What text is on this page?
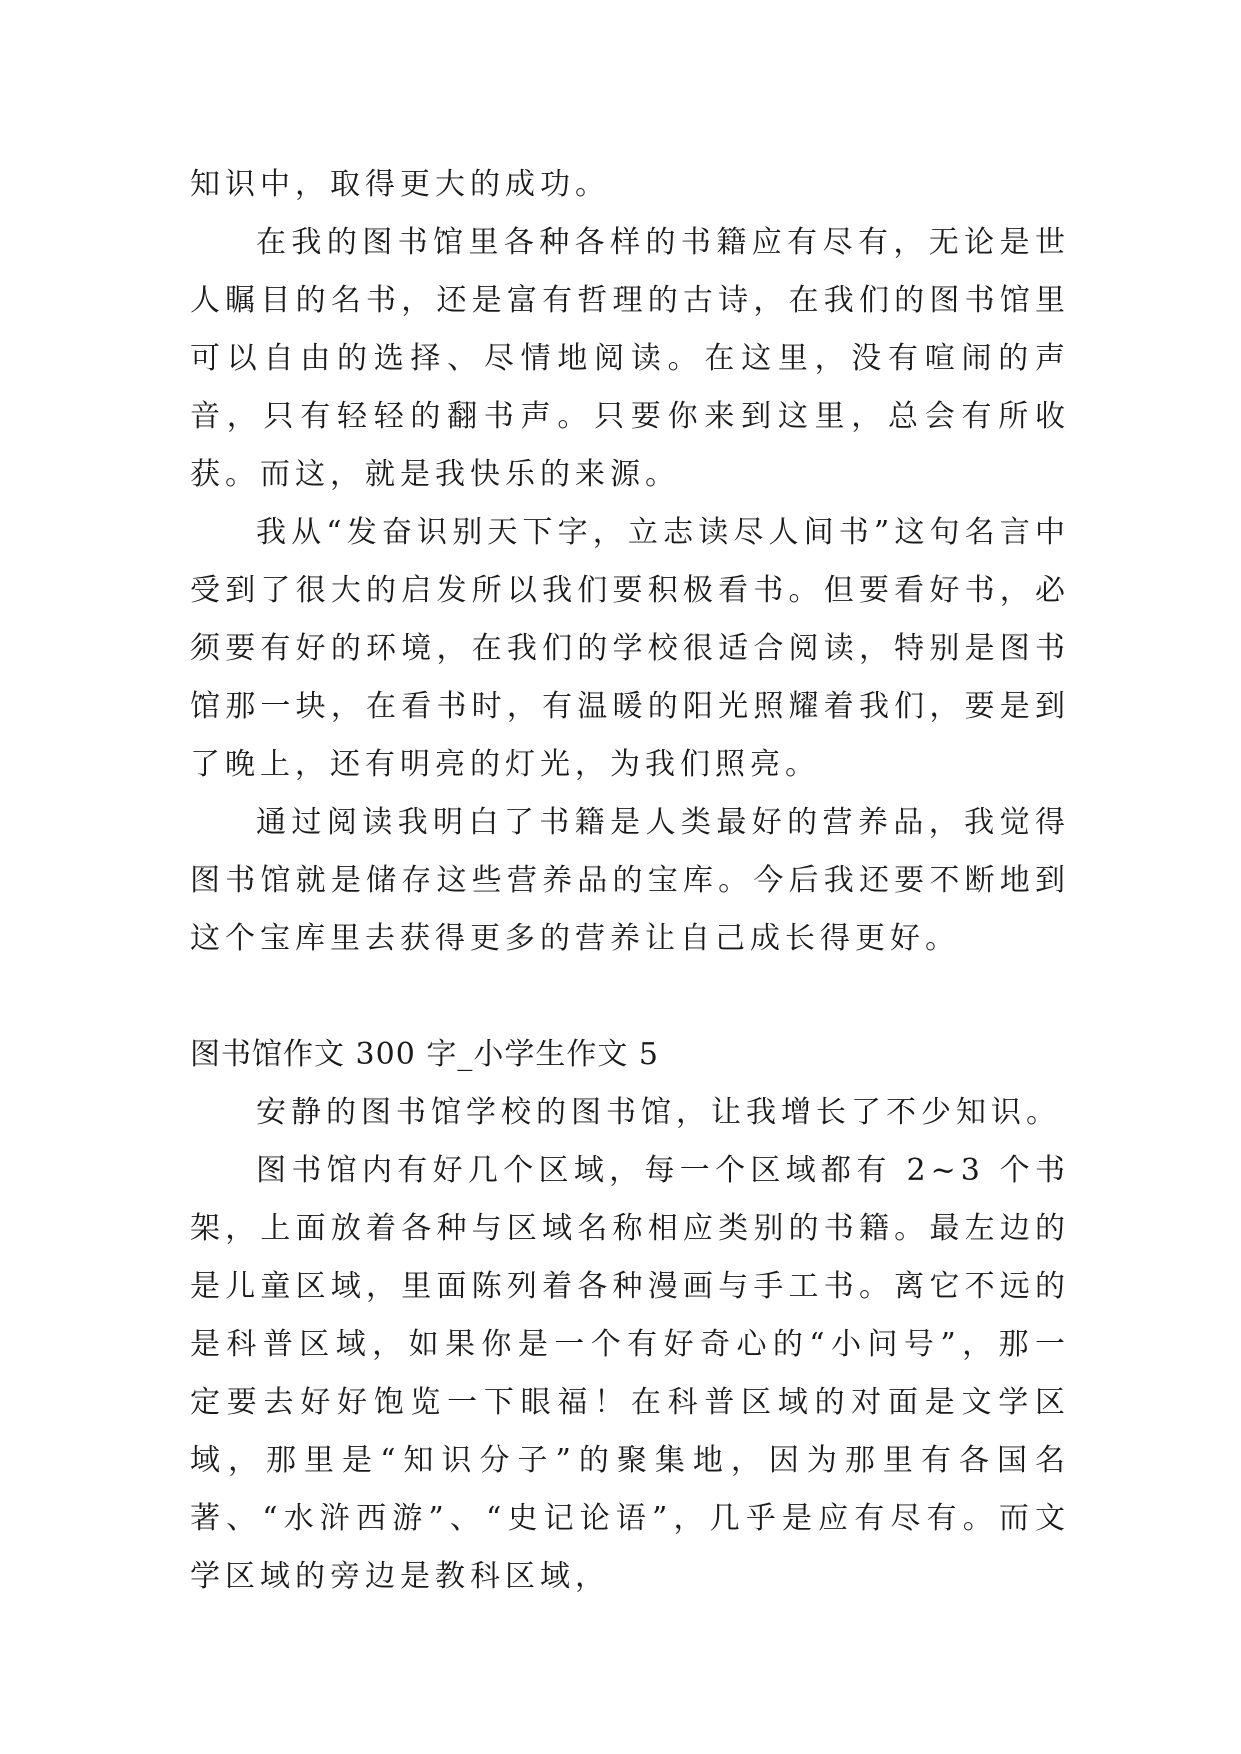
知识中，取得更大的成功。

在我的图书馆里各种各样的书籍应有尽有，无论是世人瞩目的名书，还是富有哲理的古诗，在我们的图书馆里可以自由的选择、尽情地阅读。在这里，没有喧闹的声音，只有轻轻的翻书声。只要你来到这里，总会有所收获。而这，就是我快乐的来源。

我从“发奋识别天下字，立志读尽人间书”这句名言中受到了很大的启发所以我们要积极看书。但要看好书，必须要有好的环境，在我们的学校很适合阅读，特别是图书馆那一块，在看书时，有温暖的阳光照耀着我们，要是到了晚上，还有明亮的灯光，为我们照亮。

通过阅读我明白了书籍是人类最好的营养品，我觉得图书馆就是储存这些营养品的宝库。今后我还要不断地到这个宝库里去获得更多的营养让自己成长得更好。

图书馆作文 300 字_小学生作文 5

安静的图书馆学校的图书馆，让我增长了不少知识。

图书馆内有好几个区域，每一个区域都有 2~3 个书架，上面放着各种与区域名称相应类别的书籍。最左边的是儿童区域，里面陈列着各种漫画与手工书。离它不远的是科普区域，如果你是一个有好奇心的“小问号”，那一定要去好好饱览一下眼福！在科普区域的对面是文学区域，那里是“知识分子”的聚集地，因为那里有各国名著、“水浒西游”、“史记论语”，几乎是应有尽有。而文学区域的旁边是教科区域，
